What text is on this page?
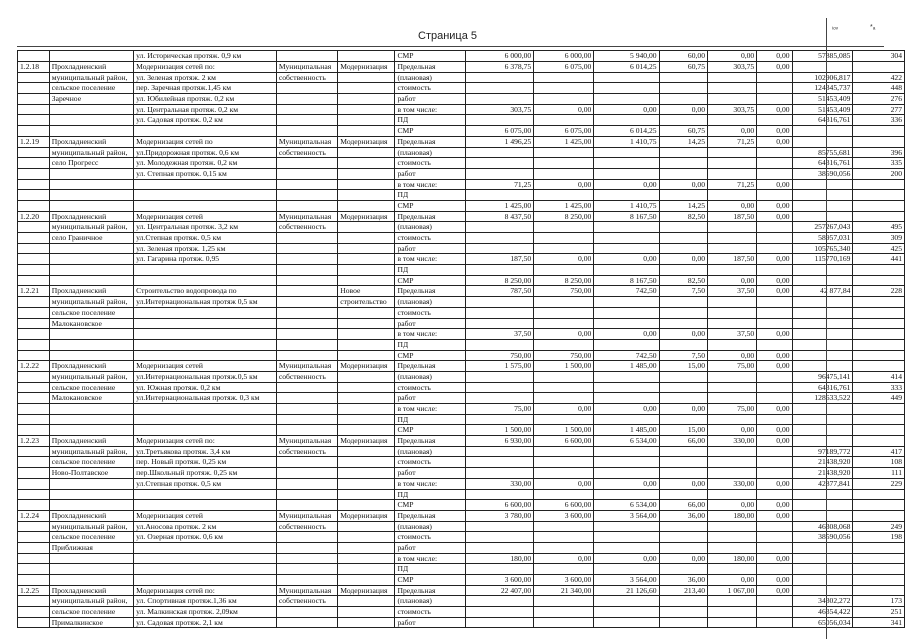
Страница 5
ᵢₒᵥ	*ₐ
		ул. Историческая протяж. 0,9 км			СМР	6 000,00	6 000,00	5 940,00	60,00	0,00	0,00	57885,085	304
1.2.18	Прохладненский	Модернизация сетей по:	Муниципальная	Модернизация	Предельная	6 378,75	6 075,00	6 014,25	60,75	303,75	0,00		
	муниципальный район,	ул. Зеленая протяж. 2 км	собственность		(плановая)							102906,817	422
	сельское поселение	пер. Заречная протяж.1,45 км			стоимость							124345,737	448
	Заречное	ул. Юбилейная протяж. 0,2 км			работ							51453,409	276
		ул. Центральная протяж. 0,2 км			в том числе:	303,75	0,00	0,00	0,00	303,75	0,00	51453,409	277
		ул. Садовая протяж. 0,2 км			ПД							64316,761	336
					СМР	6 075,00	6 075,00	6 014,25	60,75	0,00	0,00		
1.2.19	Прохладненский	Модернизация сетей по	Муниципальная	Модернизация	Предельная	1 496,25	1 425,00	1 410,75	14,25	71,25	0,00		
	муниципальный район,	ул.Придорожная протяж. 0,6 км	собственность		(плановая)							85755,681	396
	село Прогресс	ул. Молодежная протяж. 0,2 км			стоимость							64316,761	335
		ул. Степная протяж. 0,15 км			работ							38590,056	200
					в том числе:	71,25	0,00	0,00	0,00	71,25	0,00		
					ПД								
					СМР	1 425,00	1 425,00	1 410,75	14,25	0,00	0,00		
1.2.20	Прохладненский	Модернизация сетей	Муниципальная	Модернизация	Предельная	8 437,50	8 250,00	8 167,50	82,50	187,50	0,00		
	муниципальный район,	ул. Центральная протяж. 3,2 км	собственность		(плановая)							257267,043	495
	село Граничное	ул.Степная протяж. 0,5 км			стоимость							58957,031	309
		ул. Зеленая протяж. 1,25 км			работ							105765,340	425
		ул. Гагарина протяж. 0,95			в том числе:	187,50	0,00	0,00	0,00	187,50	0,00	115770,169	441
					ПД								
					СМР	8 250,00	8 250,00	8 167,50	82,50	0,00	0,00		
1.2.21	Прохладненский	Строительство водопровода по		Новое	Предельная	787,50	750,00	742,50	7,50	37,50	0,00	42 877,84	228
	муниципальный район,	ул.Интернациональная протяж 0,5 км		строительство	(плановая)								
	сельское поселение				стоимость								
	Малокановское				работ								
					в том числе:	37,50	0,00	0,00	0,00	37,50	0,00		
					ПД								
					СМР	750,00	750,00	742,50	7,50	0,00	0,00		
1.2.22	Прохладненский	Модернизация сетей	Муниципальная	Модернизация	Предельная	1 575,00	1 500,00	1 485,00	15,00	75,00	0,00		
	муниципальный район,	ул.Интернациональная протяж.0,5 км	собственность		(плановая)							96475,141	414
	сельское поселение	ул. Южная протяж. 0,2 км			стоимость							64316,761	333
	Малокановское	ул.Интернациональная протяж. 0,3 км			работ							128633,522	449
					в том числе:	75,00	0,00	0,00	0,00	75,00	0,00		
					ПД								
					СМР	1 500,00	1 500,00	1 485,00	15,00	0,00	0,00		
1.2.23	Прохладненский	Модернизация сетей по:	Муниципальная	Модернизация	Предельная	6 930,00	6 600,00	6 534,00	66,00	330,00	0,00		
	муниципальный район,	ул.Третьякова протяж. 3,4 км	собственность		(плановая)							97189,772	417
	сельское поселение	пер. Новый протяж. 0,25 км			стоимость							21438,920	108
	Ново-Полтавское	пер.Школьный протяж. 0,25 км			работ							21438,920	111
		ул.Степная протяж. 0,5 км			в том числе:	330,00	0,00	0,00	0,00	330,00	0,00	42877,841	229
					ПД								
					СМР	6 600,00	6 600,00	6 534,00	66,00	0,00	0,00		
1.2.24	Прохладненский	Модернизация сетей	Муниципальная	Модернизация	Предельная	3 780,00	3 600,00	3 564,00	36,00	180,00	0,00		
	муниципальный район,	ул.Аносова протяж. 2 км	собственность		(плановая)							46308,068	249
	сельское поселение	ул. Озерная протяж. 0,6 км			стоимость							38590,056	198
	Приближная				работ								
					в том числе:	180,00	0,00	0,00	0,00	180,00	0,00		
					ПД								
					СМР	3 600,00	3 600,00	3 564,00	36,00	0,00	0,00		
1.2.25	Прохладненский	Модернизация сетей по:	Муниципальная	Модернизация	Предельная	22 407,00	21 340,00	21 126,60	213,40	1 067,00	0,00		
	муниципальный район,	ул. Спортивная протяж.1,36 км	собственность		(плановая)							34302,272	173
	сельское поселение	ул. Малкинская протяж. 2,09км			стоимость							46354,422	251
	Прималкинское	ул. Садовая протяж. 2,1 км			работ							65056,034	341
